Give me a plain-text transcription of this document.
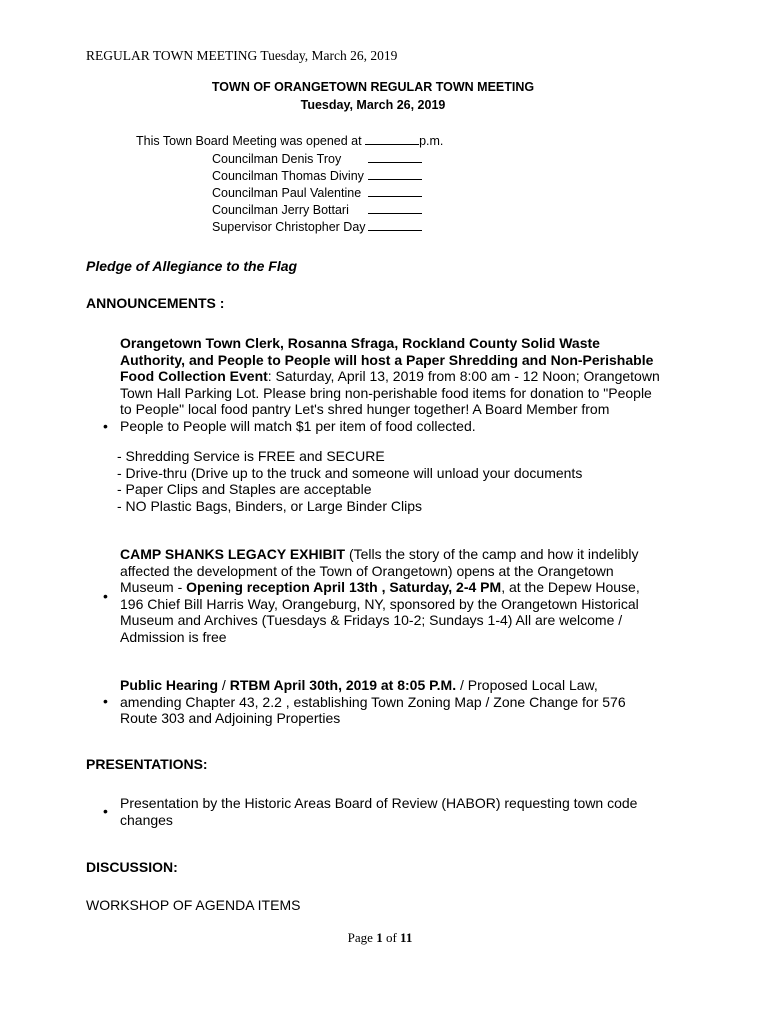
REGULAR TOWN MEETING Tuesday, March 26, 2019
TOWN OF ORANGETOWN REGULAR TOWN MEETING
Tuesday, March 26, 2019
This Town Board Meeting was opened at	p.m.
Councilman Denis Troy
Councilman Thomas Diviny
Councilman Paul Valentine
Councilman Jerry Bottari
Supervisor Christopher Day
Pledge of Allegiance to the Flag
ANNOUNCEMENTS :
Orangetown Town Clerk, Rosanna Sfraga, Rockland County Solid Waste
Authority, and People to People will host a Paper Shredding and Non-Perishable
Food Collection Event: Saturday, April 13, 2019 from 8:00 am - 12 Noon; Orangetown
Town Hall Parking Lot. Please bring non-perishable food items for donation to "People
to People" local food pantry Let's shred hunger together! A Board Member from
People to People will match $1 per item of food collected.
•
- Shredding Service is FREE and SECURE
- Drive-thru (Drive up to the truck and someone will unload your documents
- Paper Clips and Staples are acceptable
- NO Plastic Bags, Binders, or Large Binder Clips
CAMP SHANKS LEGACY EXHIBIT (Tells the story of the camp and how it indelibly
affected the development of the Town of Orangetown) opens at the Orangetown
Museum - Opening reception April 13th , Saturday, 2-4 PM, at the Depew House,
196 Chief Bill Harris Way, Orangeburg, NY, sponsored by the Orangetown Historical
Museum and Archives (Tuesdays & Fridays 10-2; Sundays 1-4) All are welcome /
Admission is free
•
Public Hearing / RTBM April 30th, 2019 at 8:05 P.M. / Proposed Local Law,
amending Chapter 43, 2.2 , establishing Town Zoning Map / Zone Change for 576
Route 303 and Adjoining Properties
•
PRESENTATIONS:
Presentation by the Historic Areas Board of Review (HABOR) requesting town code
changes
•
DISCUSSION:
WORKSHOP OF AGENDA ITEMS
Page 1 of 11
